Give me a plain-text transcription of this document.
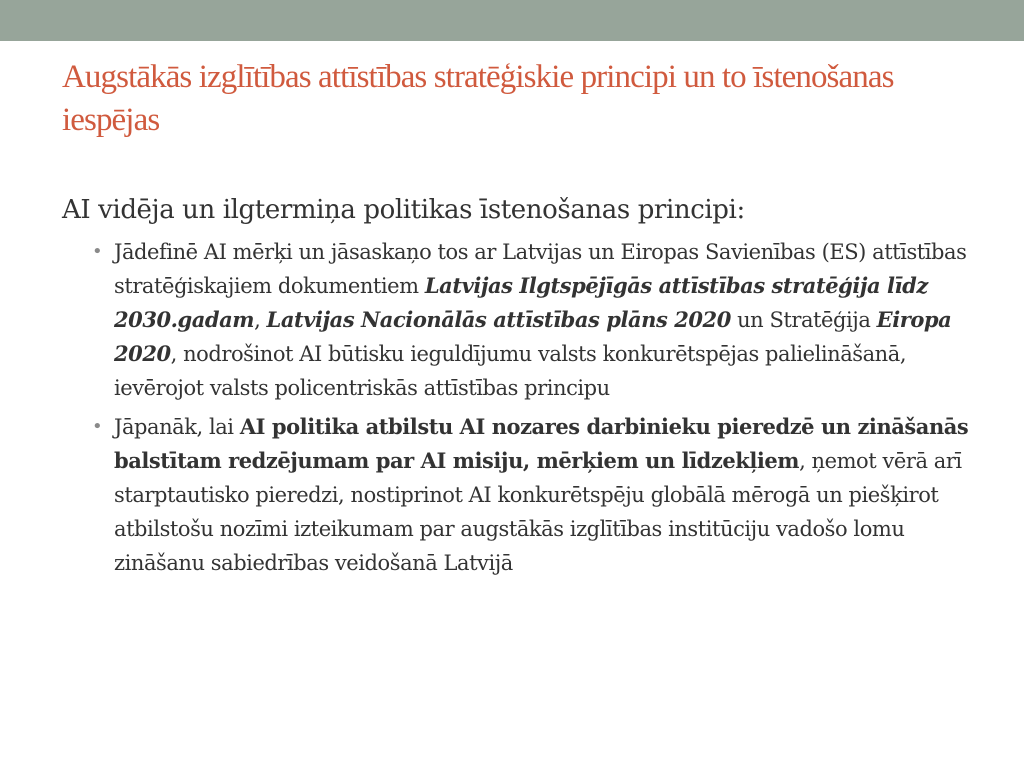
Augstākās izglītības attīstības stratēģiskie principi un to īstenošanas iespējas

AI vidēja un ilgtermiņa politikas īstenošanas principi:

• Jādefinē AI mērķi un jāsaskaņo tos ar Latvijas un Eiropas Savienības (ES) attīstības stratēģiskajiem dokumentiem Latvijas Ilgtspējīgās attīstības stratēģija līdz 2030.gadam, Latvijas Nacionālās attīstības plāns 2020 un Stratēģija Eiropa 2020, nodrošinot AI būtisku ieguldījumu valsts konkurētspējas palielināšanā, ievērojot valsts policentriskās attīstības principu
• Jāpanāk, lai AI politika atbilstu AI nozares darbinieku pieredzē un zināšanās balstītam redzējumam par AI misiju, mērķiem un līdzekļiem, ņemot vērā arī starptautisko pieredzi, nostiprinot AI konkurētspēju globālā mērogā un piešķirot atbilstošu nozīmi izteikumam par augstākās izglītības institūciju vadošo lomu zināšanu sabiedrības veidošanā Latvijā
